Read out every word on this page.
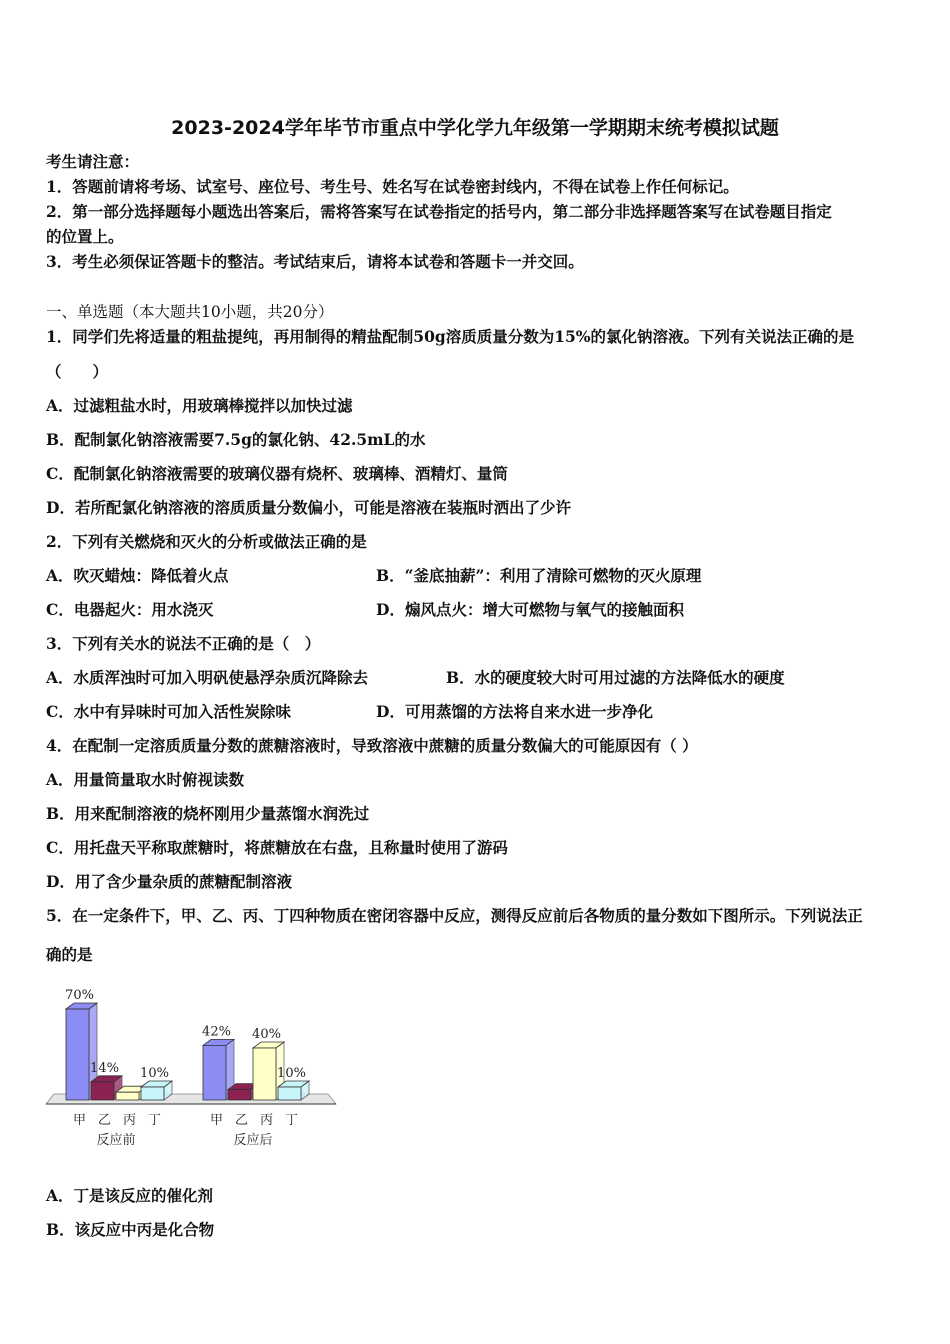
2023-2024学年毕节市重点中学化学九年级第一学期期末统考模拟试题
考生请注意：
1．答题前请将考场、试室号、座位号、考生号、姓名写在试卷密封线内，不得在试卷上作任何标记。
2．第一部分选择题每小题选出答案后，需将答案写在试卷指定的括号内，第二部分非选择题答案写在试卷题目指定
的位置上。
3．考生必须保证答题卡的整洁。考试结束后，请将本试卷和答题卡一并交回。
一、单选题（本大题共10小题，共20分）
1．同学们先将适量的粗盐提纯，再用制得的精盐配制50g溶质质量分数为15%的氯化钠溶液。下列有关说法正确的是
（　　）
A．过滤粗盐水时，用玻璃棒搅拌以加快过滤
B．配制氯化钠溶液需要7.5g的氯化钠、42.5mL的水
C．配制氯化钠溶液需要的玻璃仪器有烧杯、玻璃棒、酒精灯、量筒
D．若所配氯化钠溶液的溶质质量分数偏小，可能是溶液在装瓶时洒出了少许
2．下列有关燃烧和灭火的分析或做法正确的是
A．吹灭蜡烛：降低着火点	B．“釜底抽薪”：利用了清除可燃物的灭火原理
C．电器起火：用水浇灭	D．煽风点火：增大可燃物与氧气的接触面积
3．下列有关水的说法不正确的是（　）
A．水质浑浊时可加入明矾使悬浮杂质沉降除去	B．水的硬度较大时可用过滤的方法降低水的硬度
C．水中有异味时可加入活性炭除味	D．可用蒸馏的方法将自来水进一步净化
4．在配制一定溶质质量分数的蔗糖溶液时，导致溶液中蔗糖的质量分数偏大的可能原因有（ ）
A．用量筒量取水时俯视读数
B．用来配制溶液的烧杯刚用少量蒸馏水润洗过
C．用托盘天平称取蔗糖时，将蔗糖放在右盘，且称量时使用了游码
D．用了含少量杂质的蔗糖配制溶液
5．在一定条件下，甲、乙、丙、丁四种物质在密闭容器中反应，测得反应前后各物质的量分数如下图所示。下列说法正
确的是
70%
甲
14%
乙 丙
10%
丁
反应前
42%
甲 乙
40%
丙
10%
丁
反应后
A．丁是该反应的催化剂
B．该反应中丙是化合物
